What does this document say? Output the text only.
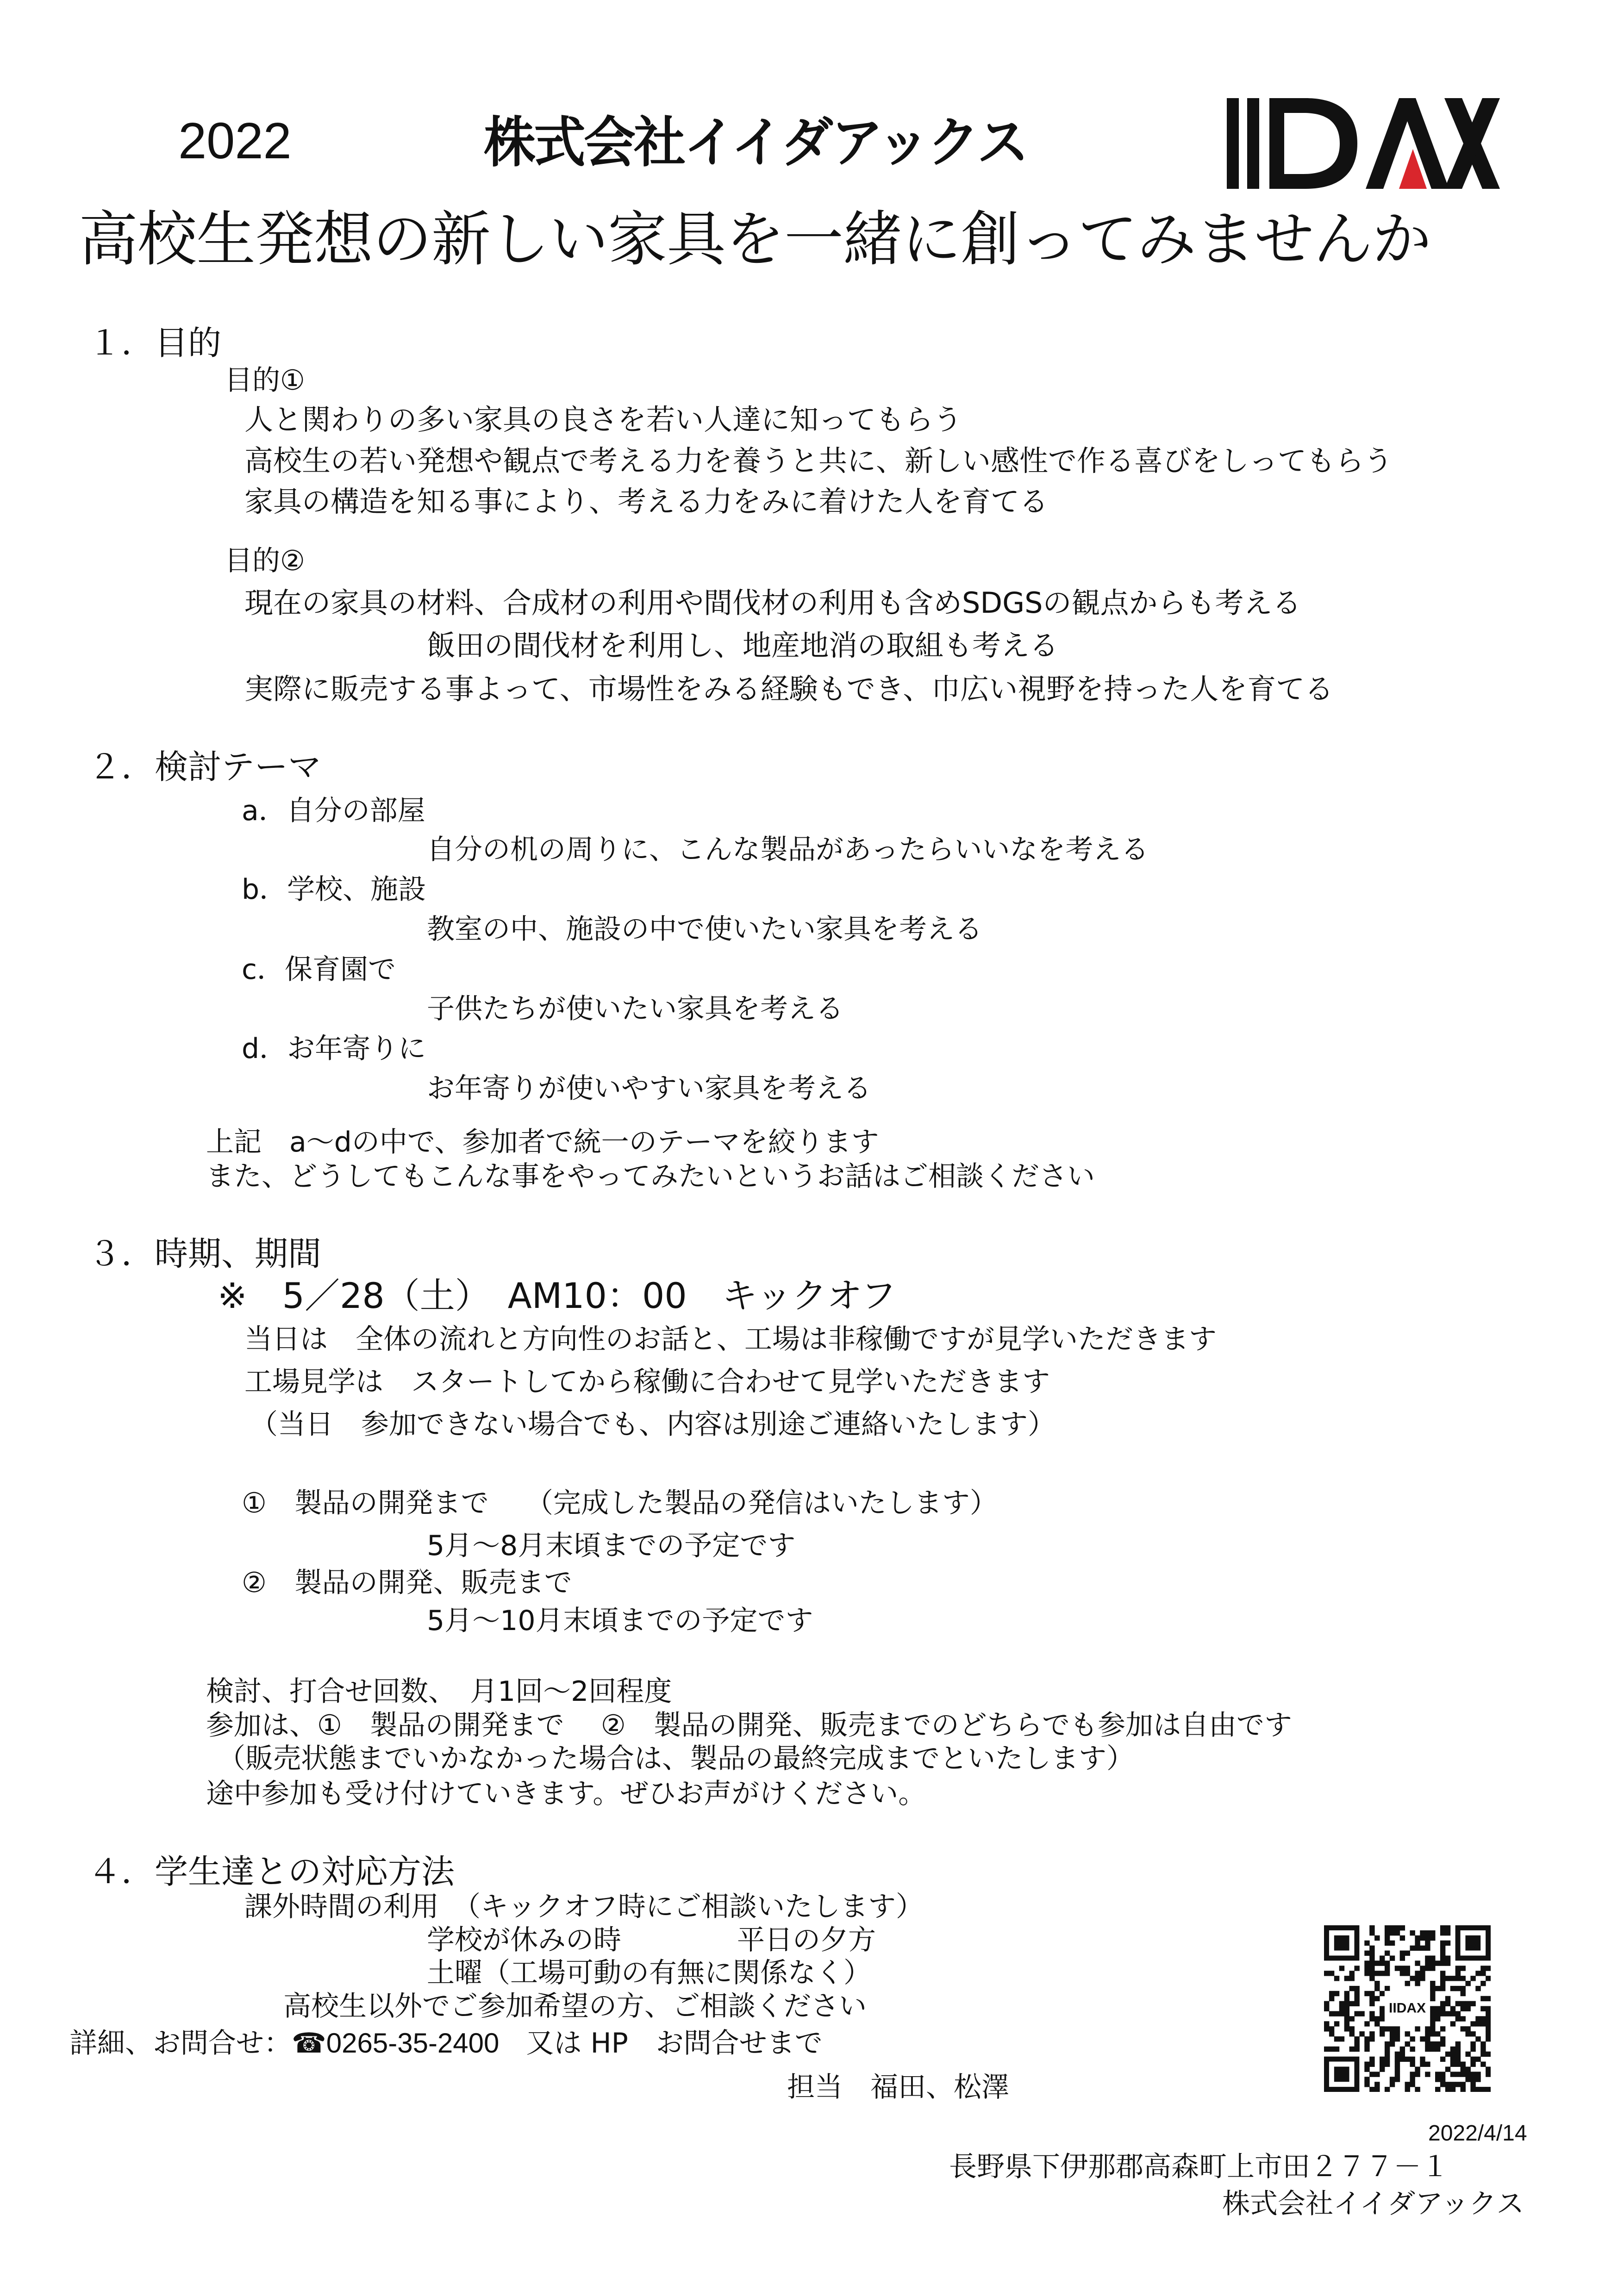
2022	株式会社イイダアックス
高校生発想の新しい家具を一緒に創ってみませんか
１．目的
目的①
人と関わりの多い家具の良さを若い人達に知ってもらう
高校生の若い発想や観点で考える力を養うと共に、新しい感性で作る喜びをしってもらう
家具の構造を知る事により、考える力をみに着けた人を育てる
目的②
現在の家具の材料、合成材の利用や間伐材の利用も含めSDGSの観点からも考える
飯田の間伐材を利用し、地産地消の取組も考える
実際に販売する事よって、市場性をみる経験もでき、巾広い視野を持った人を育てる
２．検討テーマ
a．自分の部屋
自分の机の周りに、こんな製品があったらいいなを考える
b．学校、施設
教室の中、施設の中で使いたい家具を考える
c．保育園で
子供たちが使いたい家具を考える
d．お年寄りに
お年寄りが使いやすい家具を考える
上記　a～dの中で、参加者で統一のテーマを絞ります
また、どうしてもこんな事をやってみたいというお話はご相談ください
３．時期、期間
※　5／28（土）　AM10：00　キックオフ
当日は　全体の流れと方向性のお話と、工場は非稼働ですが見学いただきます
工場見学は　スタートしてから稼働に合わせて見学いただきます
（当日　参加できない場合でも、内容は別途ご連絡いたします）
①　製品の開発まで　 （完成した製品の発信はいたします）
5月～8月末頃までの予定です
②　製品の開発、販売まで
5月～10月末頃までの予定です
検討、打合せ回数、　月1回～2回程度
参加は、①　製品の開発まで　 ②　製品の開発、販売までのどちらでも参加は自由です
（販売状態までいかなかった場合は、製品の最終完成までといたします）
途中参加も受け付けていきます。ぜひお声がけください。
４．学生達との対応方法
課外時間の利用　（キックオフ時にご相談いたします）
学校が休みの時	平日の夕方
土曜（工場可動の有無に関係なく）
高校生以外でご参加希望の方、ご相談ください
詳細、お問合せ：☎0265-35-2400 又は HP　お問合せまで
担当　福田、松澤
IIDAX
2022/4/14
長野県下伊那郡高森町上市田２７７－１
株式会社イイダアックス
